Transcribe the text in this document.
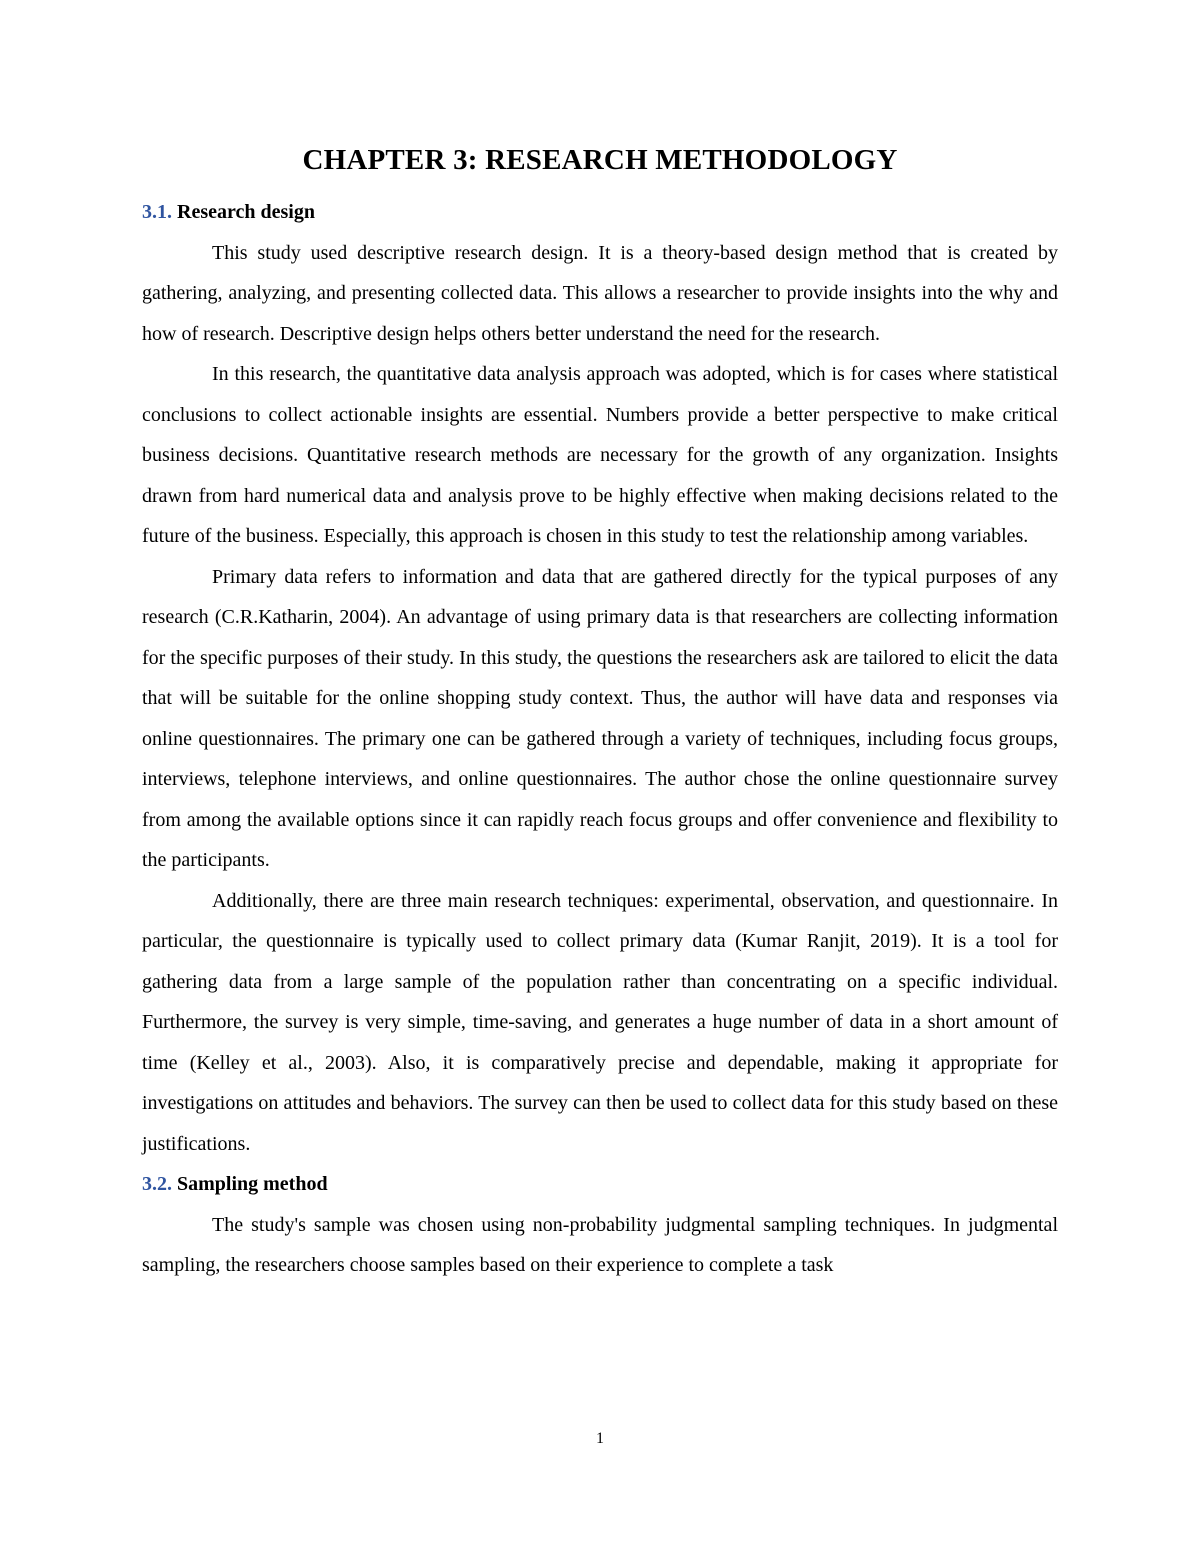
CHAPTER 3: RESEARCH METHODOLOGY
3.1. Research design

This study used descriptive research design. It is a theory-based design method that is created by gathering, analyzing, and presenting collected data. This allows a researcher to provide insights into the why and how of research. Descriptive design helps others better understand the need for the research.

In this research, the quantitative data analysis approach was adopted, which is for cases where statistical conclusions to collect actionable insights are essential. Numbers provide a better perspective to make critical business decisions. Quantitative research methods are necessary for the growth of any organization. Insights drawn from hard numerical data and analysis prove to be highly effective when making decisions related to the future of the business. Especially, this approach is chosen in this study to test the relationship among variables.

Primary data refers to information and data that are gathered directly for the typical purposes of any research (C.R.Katharin, 2004). An advantage of using primary data is that researchers are collecting information for the specific purposes of their study. In this study, the questions the researchers ask are tailored to elicit the data that will be suitable for the online shopping study context. Thus, the author will have data and responses via online questionnaires. The primary one can be gathered through a variety of techniques, including focus groups, interviews, telephone interviews, and online questionnaires. The author chose the online questionnaire survey from among the available options since it can rapidly reach focus groups and offer convenience and flexibility to the participants.

Additionally, there are three main research techniques: experimental, observation, and questionnaire. In particular, the questionnaire is typically used to collect primary data (Kumar Ranjit, 2019). It is a tool for gathering data from a large sample of the population rather than concentrating on a specific individual. Furthermore, the survey is very simple, time-saving, and generates a huge number of data in a short amount of time (Kelley et al., 2003). Also, it is comparatively precise and dependable, making it appropriate for investigations on attitudes and behaviors. The survey can then be used to collect data for this study based on these justifications.

3.2. Sampling method

The study's sample was chosen using non-probability judgmental sampling techniques. In judgmental sampling, the researchers choose samples based on their experience to complete a task

1
